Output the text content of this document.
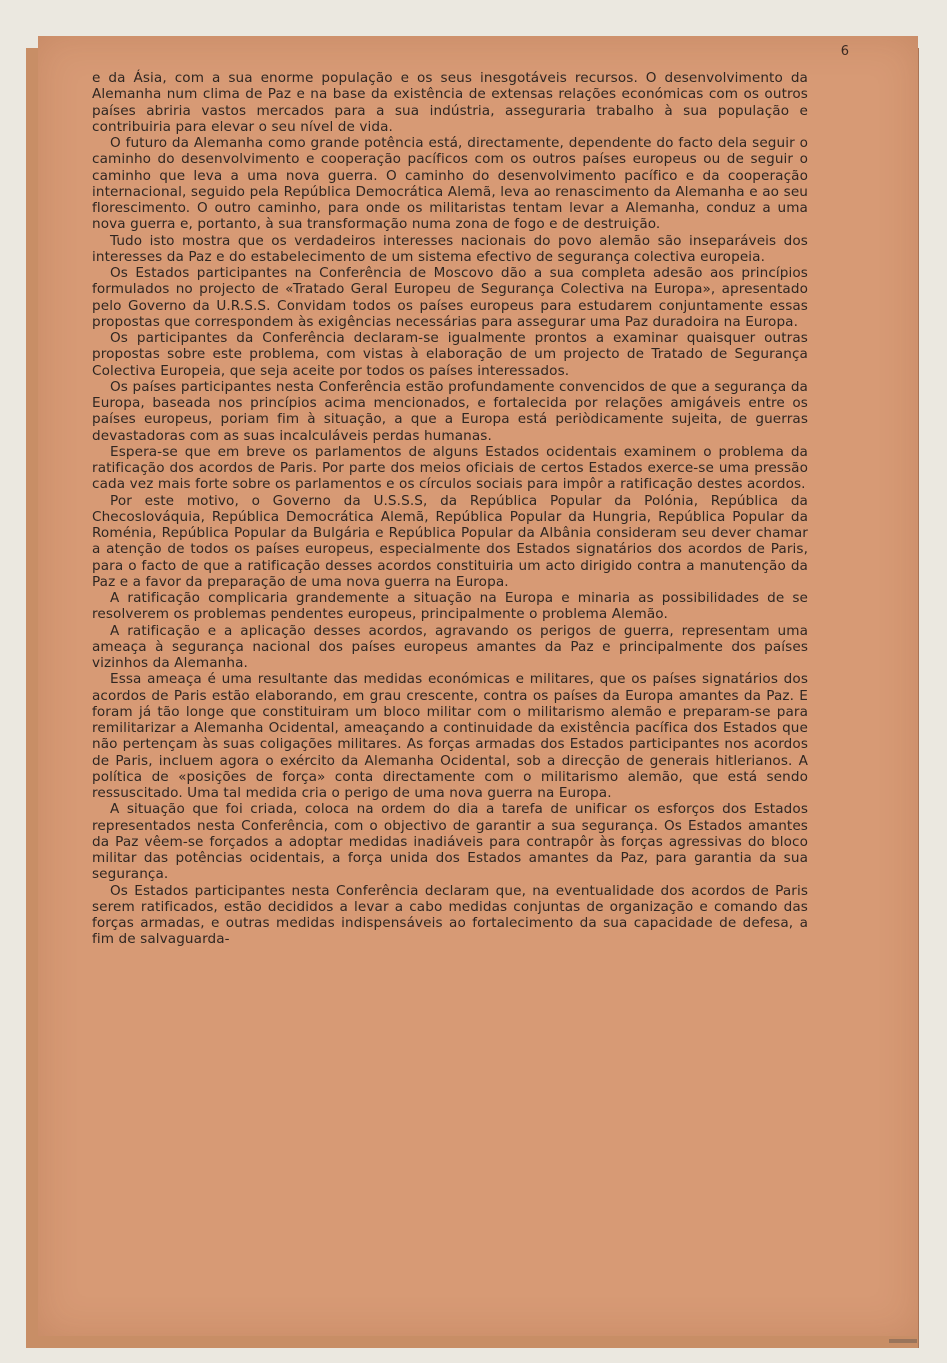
6

e da Ásia, com a sua enorme população e os seus inesgotáveis recursos. O desenvolvimento da Alemanha num clima de Paz e na base da existência de extensas relações económicas com os outros países abriria vastos mercados para a sua indústria, asseguraria trabalho à sua população e contribuiria para elevar o seu nível de vida.

O futuro da Alemanha como grande potência está, directamente, dependente do facto dela seguir o caminho do desenvolvimento e cooperação pacíficos com os outros países europeus ou de seguir o caminho que leva a uma nova guerra. O caminho do desenvolvimento pacífico e da cooperação internacional, seguido pela República Democrática Alemã, leva ao renascimento da Alemanha e ao seu florescimento. O outro caminho, para onde os militaristas tentam levar a Alemanha, conduz a uma nova guerra e, portanto, à sua transformação numa zona de fogo e de destruição.

Tudo isto mostra que os verdadeiros interesses nacionais do povo alemão são inseparáveis dos interesses da Paz e do estabelecimento de um sistema efectivo de segurança colectiva europeia.

Os Estados participantes na Conferência de Moscovo dão a sua completa adesão aos princípios formulados no projecto de «Tratado Geral Europeu de Segurança Colectiva na Europa», apresentado pelo Governo da U.R.S.S. Convidam todos os países europeus para estudarem conjuntamente essas propostas que correspondem às exigências necessárias para assegurar uma Paz duradoira na Europa.

Os participantes da Conferência declaram-se igualmente prontos a examinar quaisquer outras propostas sobre este problema, com vistas à elaboração de um projecto de Tratado de Segurança Colectiva Europeia, que seja aceite por todos os países interessados.

Os países participantes nesta Conferência estão profundamente convencidos de que a segurança da Europa, baseada nos princípios acima mencionados, e fortalecida por relações amigáveis entre os países europeus, poriam fim à situação, a que a Europa está periòdicamente sujeita, de guerras devastadoras com as suas incalculáveis perdas humanas.

Espera-se que em breve os parlamentos de alguns Estados ocidentais examinem o problema da ratificação dos acordos de Paris. Por parte dos meios oficiais de certos Estados exerce-se uma pressão cada vez mais forte sobre os parlamentos e os círculos sociais para impôr a ratificação destes acordos.

Por este motivo, o Governo da U.S.S.S, da República Popular da Polónia, República da Checoslováquia, República Democrática Alemã, República Popular da Hungria, República Popular da Roménia, República Popular da Bulgária e República Popular da Albânia consideram seu dever chamar a atenção de todos os países europeus, especialmente dos Estados signatários dos acordos de Paris, para o facto de que a ratificação desses acordos constituiria um acto dirigido contra a manutenção da Paz e a favor da preparação de uma nova guerra na Europa.

A ratificação complicaria grandemente a situação na Europa e minaria as possibilidades de se resolverem os problemas pendentes europeus, principalmente o problema Alemão.

A ratificação e a aplicação desses acordos, agravando os perigos de guerra, representam uma ameaça à segurança nacional dos países europeus amantes da Paz e principalmente dos países vizinhos da Alemanha.

Essa ameaça é uma resultante das medidas económicas e militares, que os países signatários dos acordos de Paris estão elaborando, em grau crescente, contra os países da Europa amantes da Paz. E foram já tão longe que constituiram um bloco militar com o militarismo alemão e preparam-se para remilitarizar a Alemanha Ocidental, ameaçando a continuidade da existência pacífica dos Estados que não pertençam às suas coligações militares. As forças armadas dos Estados participantes nos acordos de Paris, incluem agora o exército da Alemanha Ocidental, sob a direcção de generais hitlerianos. A política de «posições de força» conta directamente com o militarismo alemão, que está sendo ressuscitado. Uma tal medida cria o perigo de uma nova guerra na Europa.

A situação que foi criada, coloca na ordem do dia a tarefa de unificar os esforços dos Estados representados nesta Conferência, com o objectivo de garantir a sua segurança. Os Estados amantes da Paz vêem-se forçados a adoptar medidas inadiáveis para contrapôr às forças agressivas do bloco militar das potências ocidentais, a força unida dos Estados amantes da Paz, para garantia da sua segurança.

Os Estados participantes nesta Conferência declaram que, na eventualidade dos acordos de Paris serem ratificados, estão decididos a levar a cabo medidas conjuntas de organização e comando das forças armadas, e outras medidas indispensáveis ao fortalecimento da sua capacidade de defesa, a fim de salvaguarda-
